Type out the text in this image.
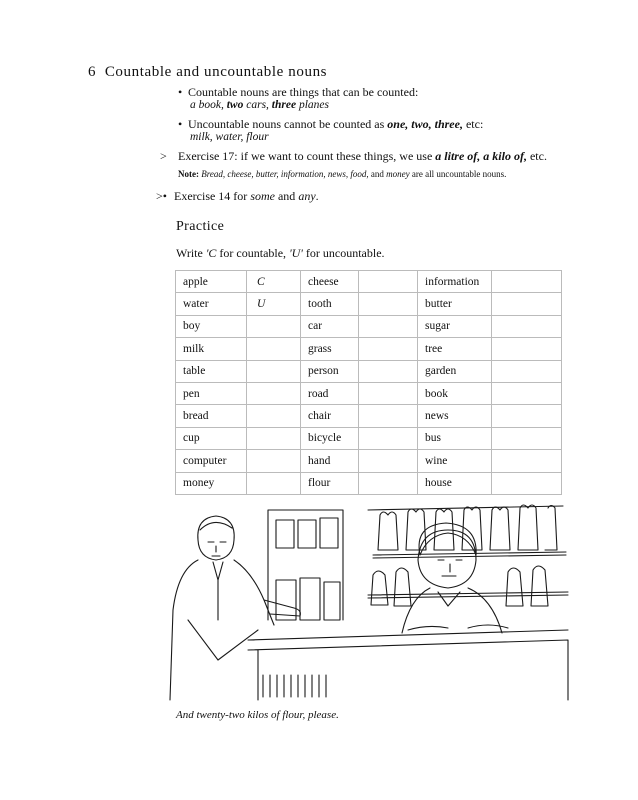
6 Countable and uncountable nouns
• Countable nouns are things that can be counted:
a book, two cars, three planes
• Uncountable nouns cannot be counted as one, two, three, etc:
milk, water, flour
> Exercise 17: if we want to count these things, we use a litre of, a kilo of, etc.
Note: Bread, cheese, butter, information, news, food, and money are all uncountable nouns.
>• Exercise 14 for some and any.
Practice
Write 'C for countable, 'U' for uncountable.
apple	C	cheese		information	
water	U	tooth		butter	
boy		car		sugar	
milk		grass		tree	
table		person		garden	
pen		road		book	
bread		chair		news	
cup		bicycle		bus	
computer		hand		wine	
money		flour		house	
And twenty-two kilos of flour, please.
